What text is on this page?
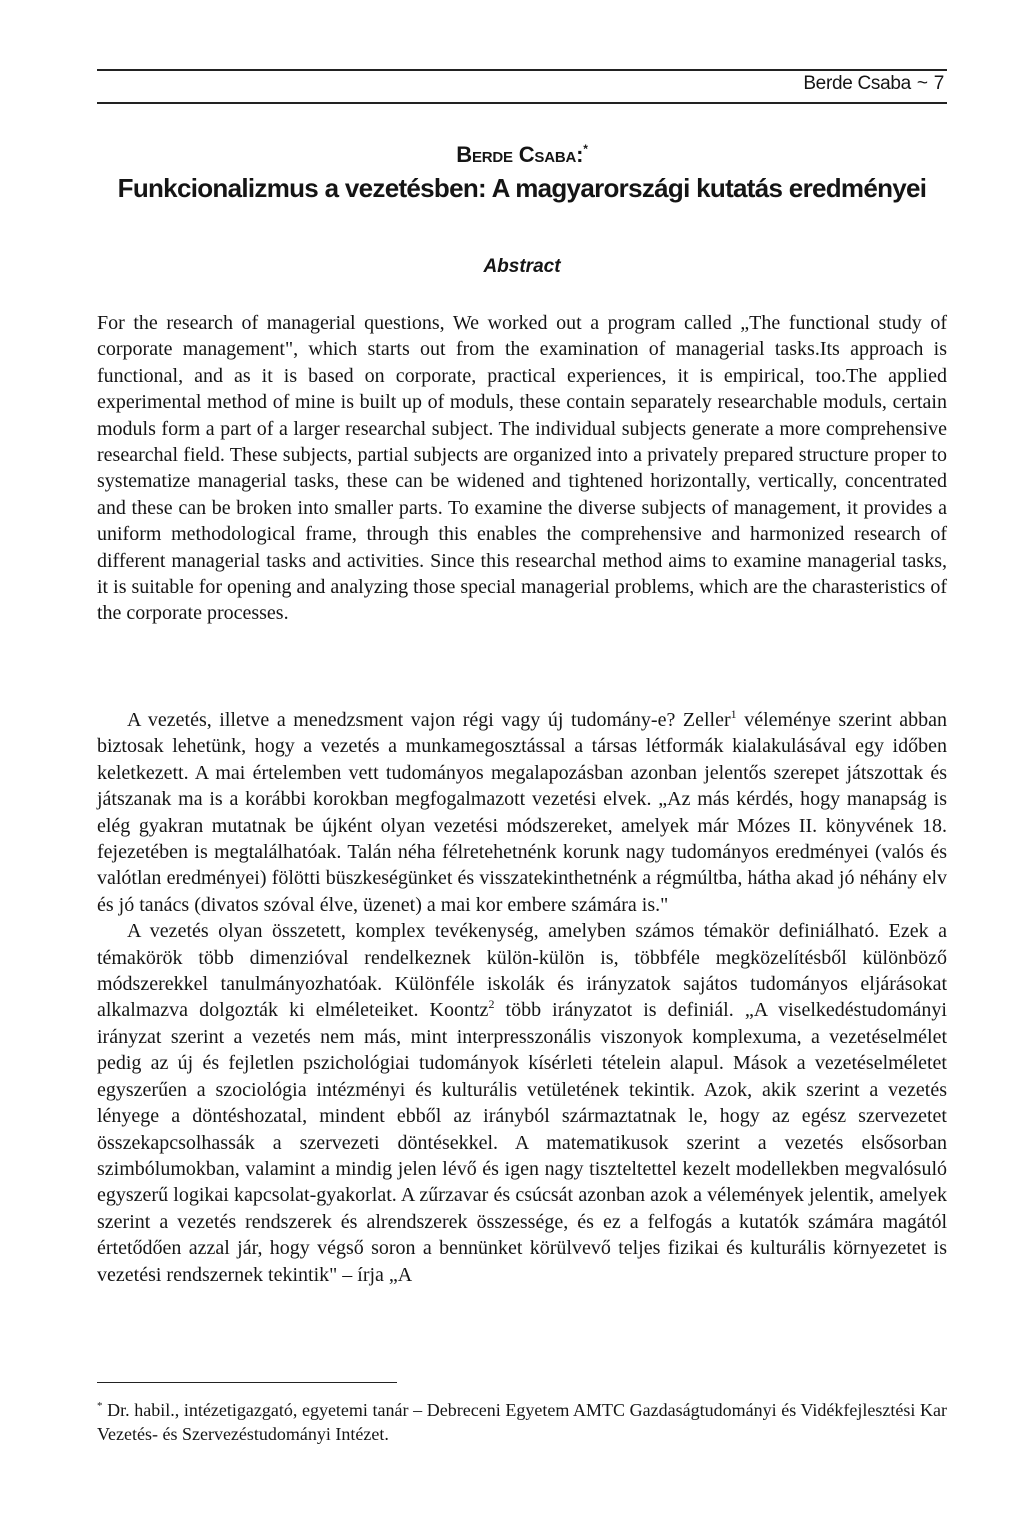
Berde Csaba ~ 7
Berde Csaba:*
Funkcionalizmus a vezetésben: A magyarországi kutatás eredményei
Abstract

For the research of managerial questions, We worked out a program called „The functional study of corporate management", which starts out from the examination of managerial tasks.Its approach is functional, and as it is based on corporate, practical experiences, it is empirical, too.The applied experimental method of mine is built up of moduls, these contain separately researchable moduls, certain moduls form a part of a larger researchal subject. The individual subjects generate a more comprehensive researchal field. These subjects, partial subjects are organized into a privately prepared structure proper to systematize managerial tasks, these can be widened and tightened horizontally, vertically, concentrated and these can be broken into smaller parts. To examine the diverse subjects of management, it provides a uniform methodological frame, through this enables the comprehensive and harmonized research of different managerial tasks and activities. Since this researchal method aims to examine managerial tasks, it is suitable for opening and analyzing those special managerial problems, which are the charasteristics of the corporate processes.

A vezetés, illetve a menedzsment vajon régi vagy új tudomány-e? Zeller$^1$ véleménye szerint abban biztosak lehetünk, hogy a vezetés a munkamegosztással a társas létformák kialakulásával egy időben keletkezett. A mai értelemben vett tudományos megalapozásban azonban jelentős szerepet játszottak és játszanak ma is a korábbi korokban megfogalmazott vezetési elvek. „Az más kérdés, hogy manapság is elég gyakran mutatnak be újként olyan vezetési módszereket, amelyek már Mózes II. könyvének 18. fejezetében is megtalálhatóak. Talán néha félretehetnénk korunk nagy tudományos eredményei (valós és valótlan eredményei) fölötti büszkeségünket és visszatekinthetnénk a régmúltba, hátha akad jó néhány elv és jó tanács (divatos szóval élve, üzenet) a mai kor embere számára is."

A vezetés olyan összetett, komplex tevékenység, amelyben számos témakör definiálható. Ezek a témakörök több dimenzióval rendelkeznek külön-külön is, többféle megközelítésből különböző módszerekkel tanulmányozhatóak. Különféle iskolák és irányzatok sajátos tudományos eljárásokat alkalmazva dolgozták ki elméleteiket. Koontz$^2$ több irányzatot is definiál. „A viselkedéstudományi irányzat szerint a vezetés nem más, mint interpresszonális viszonyok komplexuma, a vezetéselmélet pedig az új és fejletlen pszichológiai tudományok kísérleti tételein alapul. Mások a vezetéselméletet egyszerűen a szociológia intézményi és kulturális vetületének tekintik. Azok, akik szerint a vezetés lényege a döntéshozatal, mindent ebből az irányból származtatnak le, hogy az egész szervezetet összekapcsolhassák a szervezeti döntésekkel. A matematikusok szerint a vezetés elsősorban szimbólumokban, valamint a mindig jelen lévő és igen nagy tiszteltettel kezelt modellekben megvalósuló egyszerű logikai kapcsolat-gyakorlat. A zűrzavar és csúcsát azonban azok a vélemények jelentik, amelyek szerint a vezetés rendszerek és alrendszerek összessége, és ez a felfogás a kutatók számára magától értetődően azzal jár, hogy végső soron a bennünket körülvevő teljes fizikai és kulturális környezetet is vezetési rendszernek tekintik" – írja „A

* Dr. habil., intézetigazgató, egyetemi tanár – Debreceni Egyetem AMTC Gazdaságtudományi és Vidékfejlesztési Kar Vezetés- és Szervezéstudományi Intézet.
